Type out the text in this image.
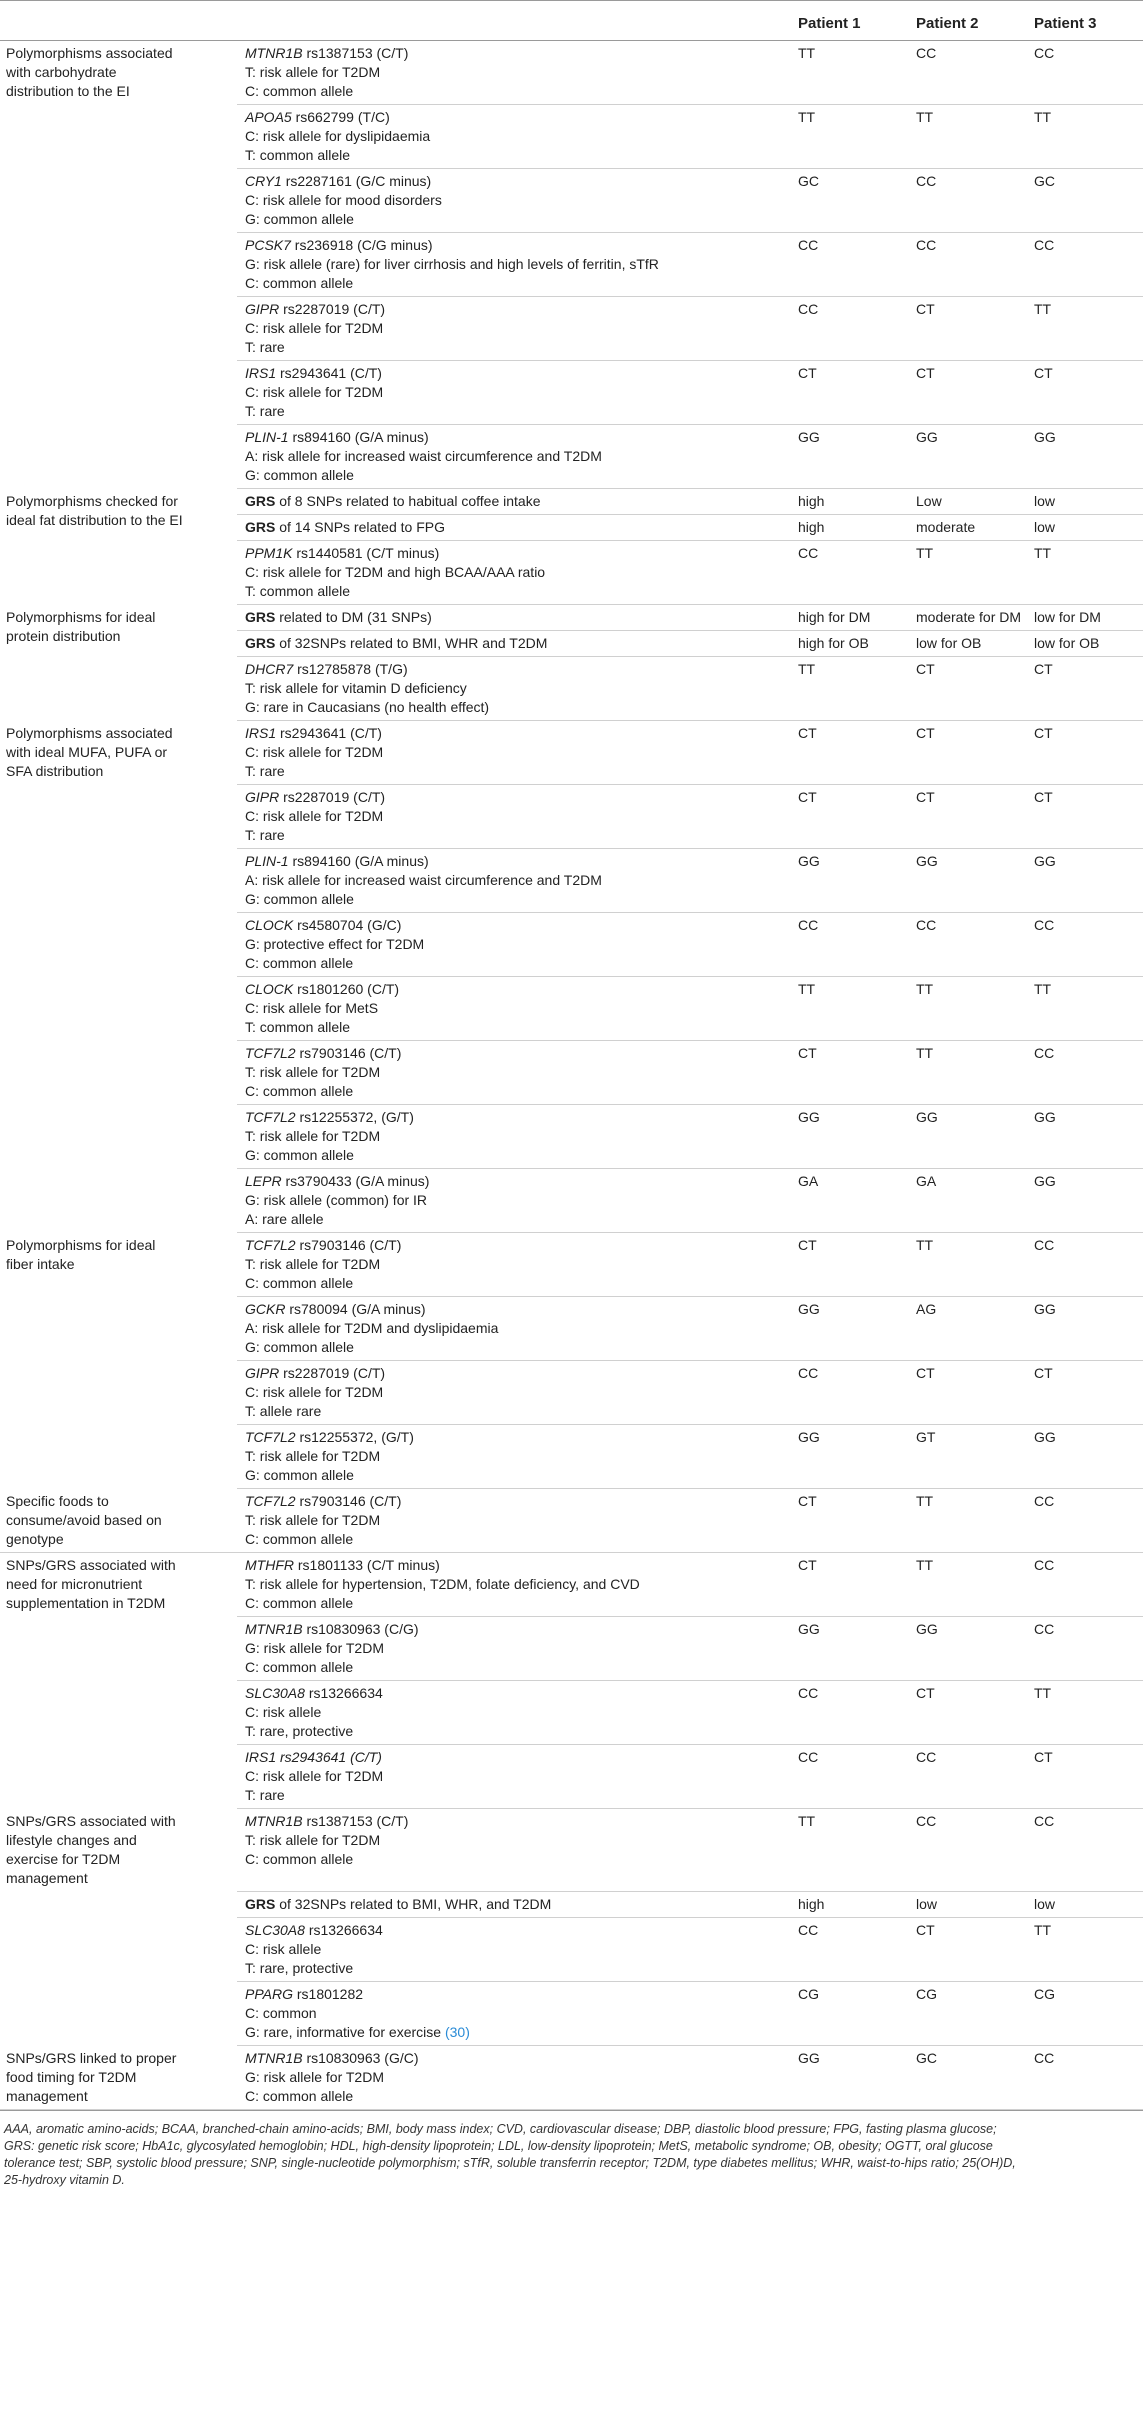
		Patient 1	Patient 2	Patient 3

Polymorphisms associated
with carbohydrate
distribution to the EI	MTNR1B rs1387153 (C/T)
T: risk allele for T2DM
C: common allele	TT	CC	CC

	APOA5 rs662799 (T/C)
C: risk allele for dyslipidaemia
T: common allele	TT	TT	TT

	CRY1 rs2287161 (G/C minus)
C: risk allele for mood disorders
G: common allele	GC	CC	GC

	PCSK7 rs236918 (C/G minus)
G: risk allele (rare) for liver cirrhosis and high levels of ferritin, sTfR
C: common allele	CC	CC	CC

	GIPR rs2287019 (C/T)
C: risk allele for T2DM
T: rare	CC	CT	TT

	IRS1 rs2943641 (C/T)
C: risk allele for T2DM
T: rare	CT	CT	CT

	PLIN-1 rs894160 (G/A minus)
A: risk allele for increased waist circumference and T2DM
G: common allele	GG	GG	GG

Polymorphisms checked for
ideal fat distribution to the EI	GRS of 8 SNPs related to habitual coffee intake	high	Low	low

	GRS of 14 SNPs related to FPG	high	moderate	low

	PPM1K rs1440581 (C/T minus)
C: risk allele for T2DM and high BCAA/AAA ratio
T: common allele	CC	TT	TT

Polymorphisms for ideal
protein distribution	GRS related to DM (31 SNPs)	high for DM	moderate for DM	low for DM

	GRS of 32SNPs related to BMI, WHR and T2DM	high for OB	low for OB	low for OB

	DHCR7 rs12785878 (T/G)
T: risk allele for vitamin D deficiency
G: rare in Caucasians (no health effect)	TT	CT	CT

Polymorphisms associated
with ideal MUFA, PUFA or
SFA distribution	IRS1 rs2943641 (C/T)
C: risk allele for T2DM
T: rare	CT	CT	CT

	GIPR rs2287019 (C/T)
C: risk allele for T2DM
T: rare	CT	CT	CT

	PLIN-1 rs894160 (G/A minus)
A: risk allele for increased waist circumference and T2DM
G: common allele	GG	GG	GG

	CLOCK rs4580704 (G/C)
G: protective effect for T2DM
C: common allele	CC	CC	CC

	CLOCK rs1801260 (C/T)
C: risk allele for MetS
T: common allele	TT	TT	TT

	TCF7L2 rs7903146 (C/T)
T: risk allele for T2DM
C: common allele	CT	TT	CC

	TCF7L2 rs12255372, (G/T)
T: risk allele for T2DM
G: common allele	GG	GG	GG

	LEPR rs3790433 (G/A minus)
G: risk allele (common) for IR
A: rare allele	GA	GA	GG

Polymorphisms for ideal
fiber intake	TCF7L2 rs7903146 (C/T)
T: risk allele for T2DM
C: common allele	CT	TT	CC

	GCKR rs780094 (G/A minus)
A: risk allele for T2DM and dyslipidaemia
G: common allele	GG	AG	GG

	GIPR rs2287019 (C/T)
C: risk allele for T2DM
T: allele rare	CC	CT	CT

	TCF7L2 rs12255372, (G/T)
T: risk allele for T2DM
G: common allele	GG	GT	GG

Specific foods to
consume/avoid based on
genotype	TCF7L2 rs7903146 (C/T)
T: risk allele for T2DM
C: common allele	CT	TT	CC

SNPs/GRS associated with
need for micronutrient
supplementation in T2DM	MTHFR rs1801133 (C/T minus)
T: risk allele for hypertension, T2DM, folate deficiency, and CVD
C: common allele	CT	TT	CC

	MTNR1B rs10830963 (C/G)
G: risk allele for T2DM
C: common allele	GG	GG	CC

	SLC30A8 rs13266634
C: risk allele
T: rare, protective	CC	CT	TT

	IRS1 rs2943641 (C/T)
C: risk allele for T2DM
T: rare	CC	CC	CT

SNPs/GRS associated with
lifestyle changes and
exercise for T2DM
management	MTNR1B rs1387153 (C/T)
T: risk allele for T2DM
C: common allele	TT	CC	CC

	GRS of 32SNPs related to BMI, WHR, and T2DM	high	low	low

	SLC30A8 rs13266634
C: risk allele
T: rare, protective	CC	CT	TT

	PPARG rs1801282
C: common
G: rare, informative for exercise (30)	CG	CG	CG

SNPs/GRS linked to proper
food timing for T2DM
management	MTNR1B rs10830963 (G/C)
G: risk allele for T2DM
C: common allele	GG	GC	CC
AAA, aromatic amino-acids; BCAA, branched-chain amino-acids; BMI, body mass index; CVD, cardiovascular disease; DBP, diastolic blood pressure; FPG, fasting plasma glucose;
GRS: genetic risk score; HbA1c, glycosylated hemoglobin; HDL, high-density lipoprotein; LDL, low-density lipoprotein; MetS, metabolic syndrome; OB, obesity; OGTT, oral glucose
tolerance test; SBP, systolic blood pressure; SNP, single-nucleotide polymorphism; sTfR, soluble transferrin receptor; T2DM, type diabetes mellitus; WHR, waist-to-hips ratio; 25(OH)D,
25-hydroxy vitamin D.
